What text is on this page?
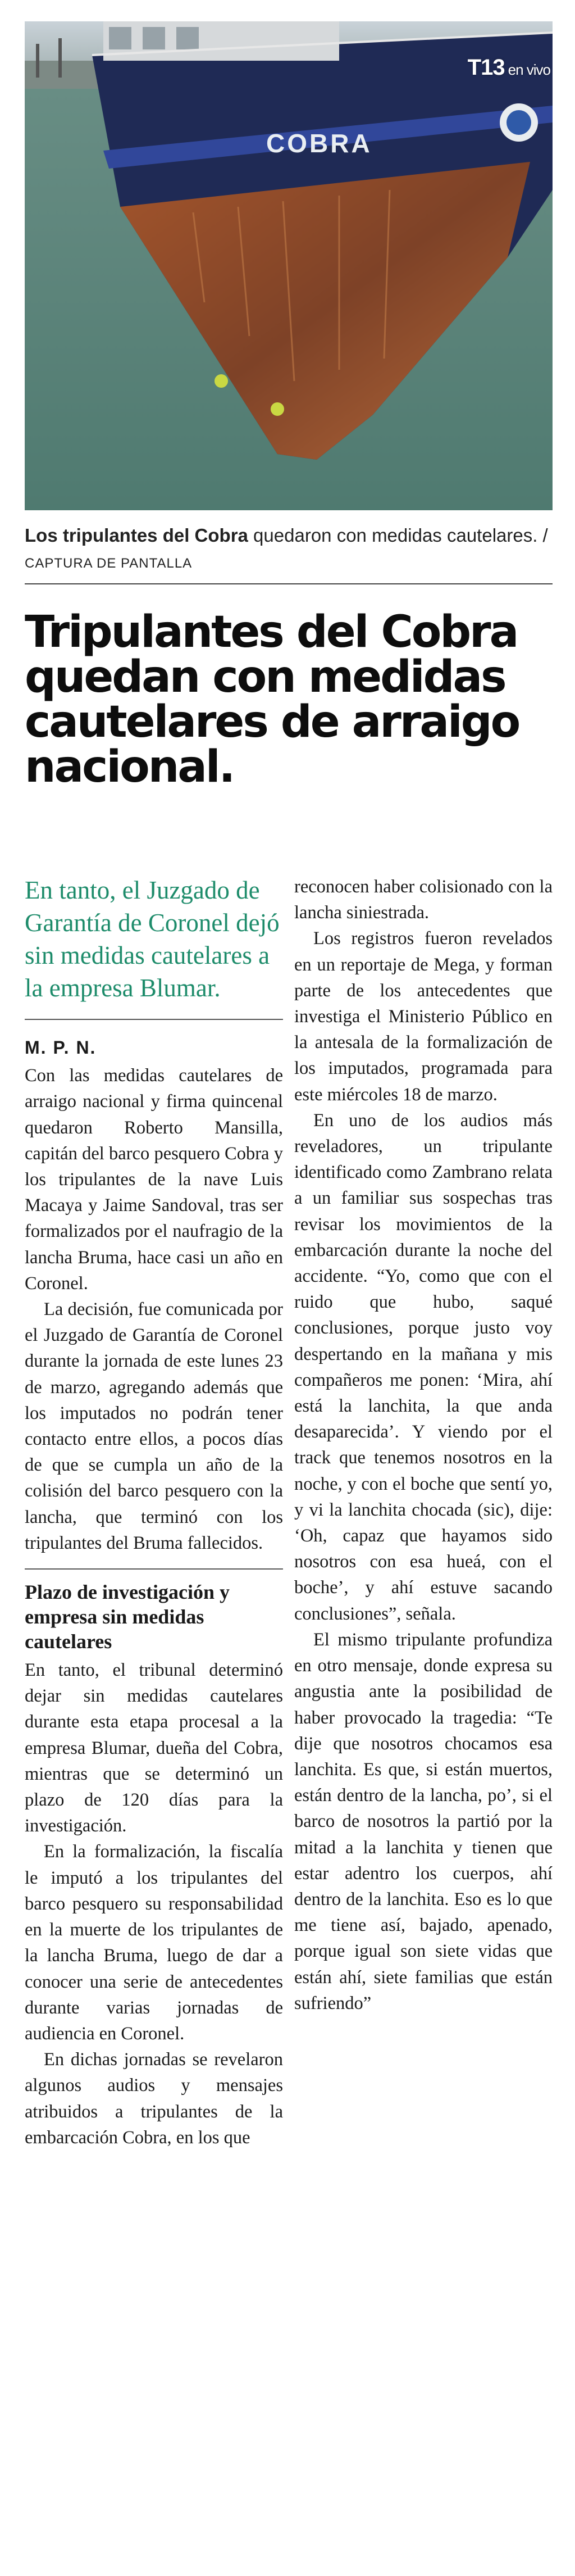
T13 en vivo
COBRA
Los tripulantes del Cobra quedaron con medidas cautelares. / CAPTURA DE PANTALLA
Tripulantes del Cobra quedan con medidas cautelares de arraigo nacional.

En tanto, el Juzgado de Garantía de Coronel dejó sin medidas cautelares a la empresa Blumar.

M. P. N.

Con las medidas cautelares de arraigo nacional y firma quincenal quedaron Roberto Mansilla, capitán del barco pesquero Cobra y los tripulantes de la nave Luis Macaya y Jaime Sandoval, tras ser formalizados por el naufragio de la lancha Bruma, hace casi un año en Coronel.

La decisión, fue comunicada por el Juzgado de Garantía de Coronel durante la jornada de este lunes 23 de marzo, agregando además que los imputados no podrán tener contacto entre ellos, a pocos días de que se cumpla un año de la colisión del barco pesquero con la lancha, que terminó con los tripulantes del Bruma fallecidos.

Plazo de investigación y empresa sin medidas cautelares

En tanto, el tribunal determinó dejar sin medidas cautelares durante esta etapa procesal a la empresa Blumar, dueña del Cobra, mientras que se determinó un plazo de 120 días para la investigación.

En la formalización, la fiscalía le imputó a los tripulantes del barco pesquero su responsabilidad en la muerte de los tripulantes de la lancha Bruma, luego de dar a conocer una serie de antecedentes durante varias jornadas de audiencia en Coronel.

En dichas jornadas se revelaron algunos audios y mensajes atribuidos a tripulantes de la embarcación Cobra, en los que

reconocen haber colisionado con la lancha siniestrada.

Los registros fueron revelados en un reportaje de Mega, y forman parte de los antecedentes que investiga el Ministerio Público en la antesala de la formalización de los imputados, programada para este miércoles 18 de marzo.

En uno de los audios más reveladores, un tripulante identificado como Zambrano relata a un familiar sus sospechas tras revisar los movimientos de la embarcación durante la noche del accidente. “Yo, como que con el ruido que hubo, saqué conclusiones, porque justo voy despertando en la mañana y mis compañeros me ponen: ‘Mira, ahí está la lanchita, la que anda desaparecida’. Y viendo por el track que tenemos nosotros en la noche, y con el boche que sentí yo, y vi la lanchita chocada (sic), dije: ‘Oh, capaz que hayamos sido nosotros con esa hueá, con el boche’, y ahí estuve sacando conclusiones”, señala.

El mismo tripulante profundiza en otro mensaje, donde expresa su angustia ante la posibilidad de haber provocado la tragedia: “Te dije que nosotros chocamos esa lanchita. Es que, si están muertos, están dentro de la lancha, po’, si el barco de nosotros la partió por la mitad a la lanchita y tienen que estar adentro los cuerpos, ahí dentro de la lanchita. Eso es lo que me tiene así, bajado, apenado, porque igual son siete vidas que están ahí, siete familias que están sufriendo”
